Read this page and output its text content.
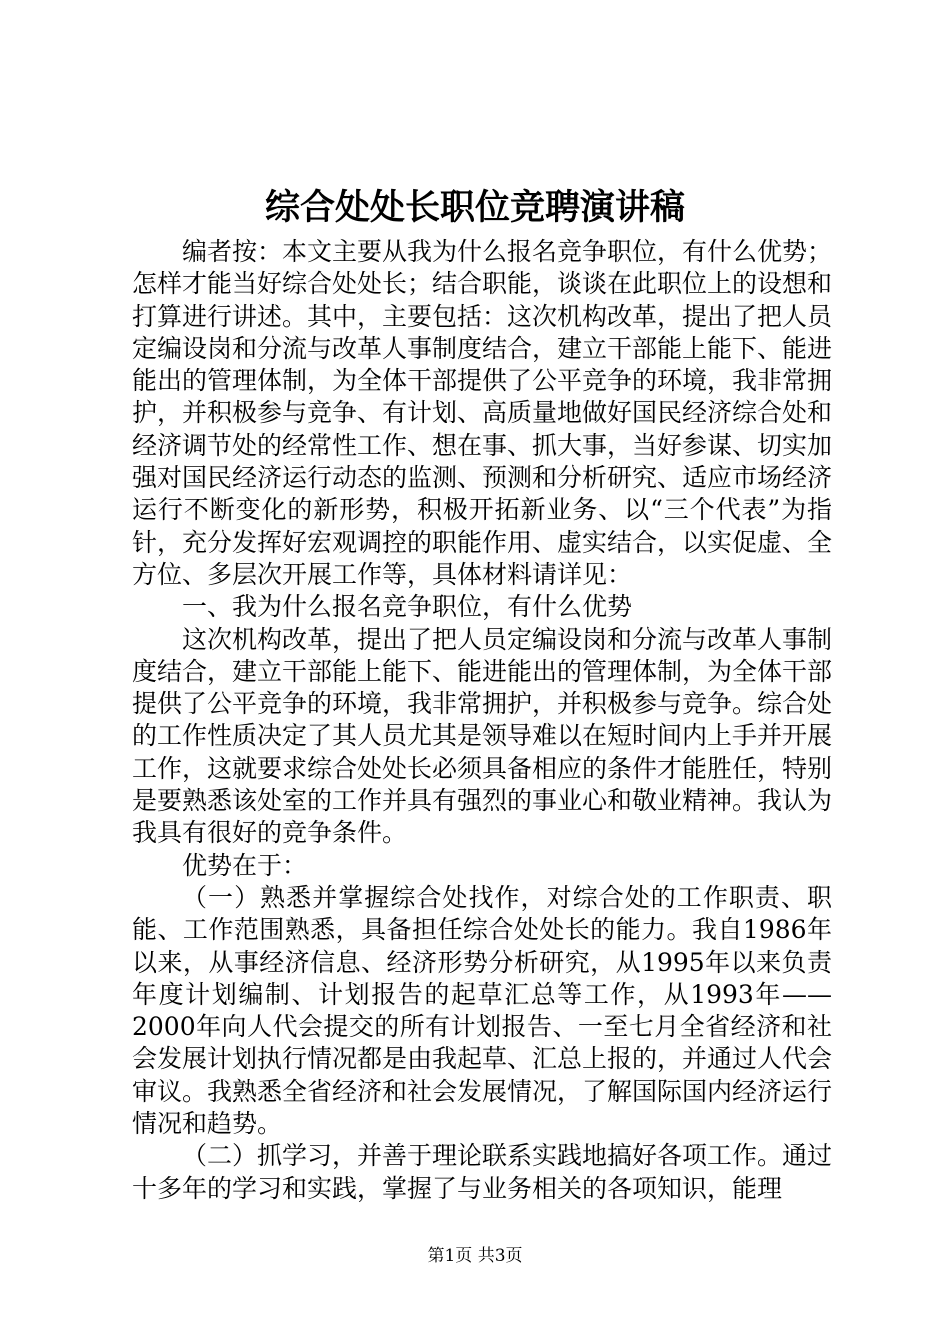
综合处处长职位竞聘演讲稿

编者按：本文主要从我为什么报名竞争职位，有什么优势；怎样才能当好综合处处长；结合职能，谈谈在此职位上的设想和打算进行讲述。其中，主要包括：这次机构改革，提出了把人员定编设岗和分流与改革人事制度结合，建立干部能上能下、能进能出的管理体制，为全体干部提供了公平竞争的环境，我非常拥护，并积极参与竞争、有计划、高质量地做好国民经济综合处和经济调节处的经常性工作、想在事、抓大事，当好参谋、切实加强对国民经济运行动态的监测、预测和分析研究、适应市场经济运行不断变化的新形势，积极开拓新业务、以“三个代表”为指针，充分发挥好宏观调控的职能作用、虚实结合，以实促虚、全方位、多层次开展工作等，具体材料请详见：

一、我为什么报名竞争职位，有什么优势

这次机构改革，提出了把人员定编设岗和分流与改革人事制度结合，建立干部能上能下、能进能出的管理体制，为全体干部提供了公平竞争的环境，我非常拥护，并积极参与竞争。综合处的工作性质决定了其人员尤其是领导难以在短时间内上手并开展工作，这就要求综合处处长必须具备相应的条件才能胜任，特别是要熟悉该处室的工作并具有强烈的事业心和敬业精神。我认为我具有很好的竞争条件。

优势在于：

（一）熟悉并掌握综合处找作，对综合处的工作职责、职能、工作范围熟悉，具备担任综合处处长的能力。我自1986年以来，从事经济信息、经济形势分析研究，从1995年以来负责年度计划编制、计划报告的起草汇总等工作，从1993年——2000年向人代会提交的所有计划报告、一至七月全省经济和社会发展计划执行情况都是由我起草、汇总上报的，并通过人代会审议。我熟悉全省经济和社会发展情况，了解国际国内经济运行情况和趋势。

（二）抓学习，并善于理论联系实践地搞好各项工作。通过十多年的学习和实践，掌握了与业务相关的各项知识，能理

第1页 共3页
